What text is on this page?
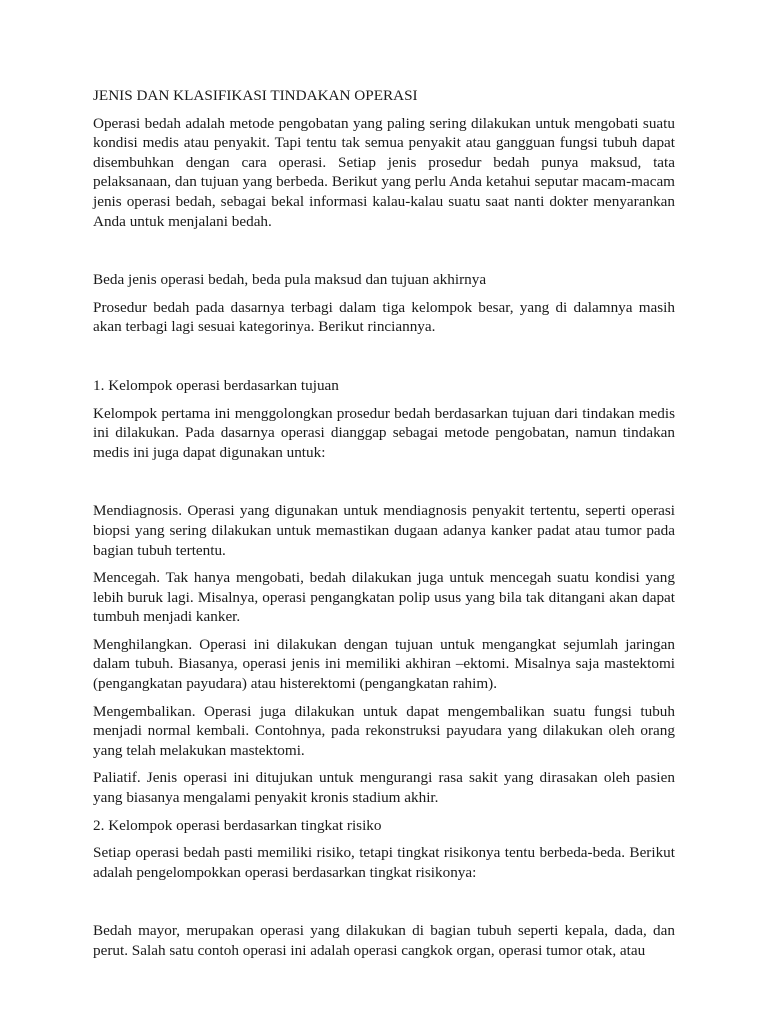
JENIS DAN KLASIFIKASI TINDAKAN OPERASI

Operasi bedah adalah metode pengobatan yang paling sering dilakukan untuk mengobati suatu kondisi medis atau penyakit. Tapi tentu tak semua penyakit atau gangguan fungsi tubuh dapat disembuhkan dengan cara operasi. Setiap jenis prosedur bedah punya maksud, tata pelaksanaan, dan tujuan yang berbeda. Berikut yang perlu Anda ketahui seputar macam-macam jenis operasi bedah, sebagai bekal informasi kalau-kalau suatu saat nanti dokter menyarankan Anda untuk menjalani bedah.

Beda jenis operasi bedah, beda pula maksud dan tujuan akhirnya

Prosedur bedah pada dasarnya terbagi dalam tiga kelompok besar, yang di dalamnya masih akan terbagi lagi sesuai kategorinya. Berikut rinciannya.

1. Kelompok operasi berdasarkan tujuan

Kelompok pertama ini menggolongkan prosedur bedah berdasarkan tujuan dari tindakan medis ini dilakukan. Pada dasarnya operasi dianggap sebagai metode pengobatan, namun tindakan medis ini juga dapat digunakan untuk:

Mendiagnosis. Operasi yang digunakan untuk mendiagnosis penyakit tertentu, seperti operasi biopsi yang sering dilakukan untuk memastikan dugaan adanya kanker padat atau tumor pada bagian tubuh tertentu.

Mencegah. Tak hanya mengobati, bedah dilakukan juga untuk mencegah suatu kondisi yang lebih buruk lagi. Misalnya, operasi pengangkatan polip usus yang bila tak ditangani akan dapat tumbuh menjadi kanker.

Menghilangkan. Operasi ini dilakukan dengan tujuan untuk mengangkat sejumlah jaringan dalam tubuh. Biasanya, operasi jenis ini memiliki akhiran –ektomi. Misalnya saja mastektomi (pengangkatan payudara) atau histerektomi (pengangkatan rahim).

Mengembalikan. Operasi juga dilakukan untuk dapat mengembalikan suatu fungsi tubuh menjadi normal kembali. Contohnya, pada rekonstruksi payudara yang dilakukan oleh orang yang telah melakukan mastektomi.

Paliatif. Jenis operasi ini ditujukan untuk mengurangi rasa sakit yang dirasakan oleh pasien yang biasanya mengalami penyakit kronis stadium akhir.

2. Kelompok operasi berdasarkan tingkat risiko

Setiap operasi bedah pasti memiliki risiko, tetapi tingkat risikonya tentu berbeda-beda. Berikut adalah pengelompokkan operasi berdasarkan tingkat risikonya:

Bedah mayor, merupakan operasi yang dilakukan di bagian tubuh seperti kepala, dada, dan perut. Salah satu contoh operasi ini adalah operasi cangkok organ, operasi tumor otak, atau
